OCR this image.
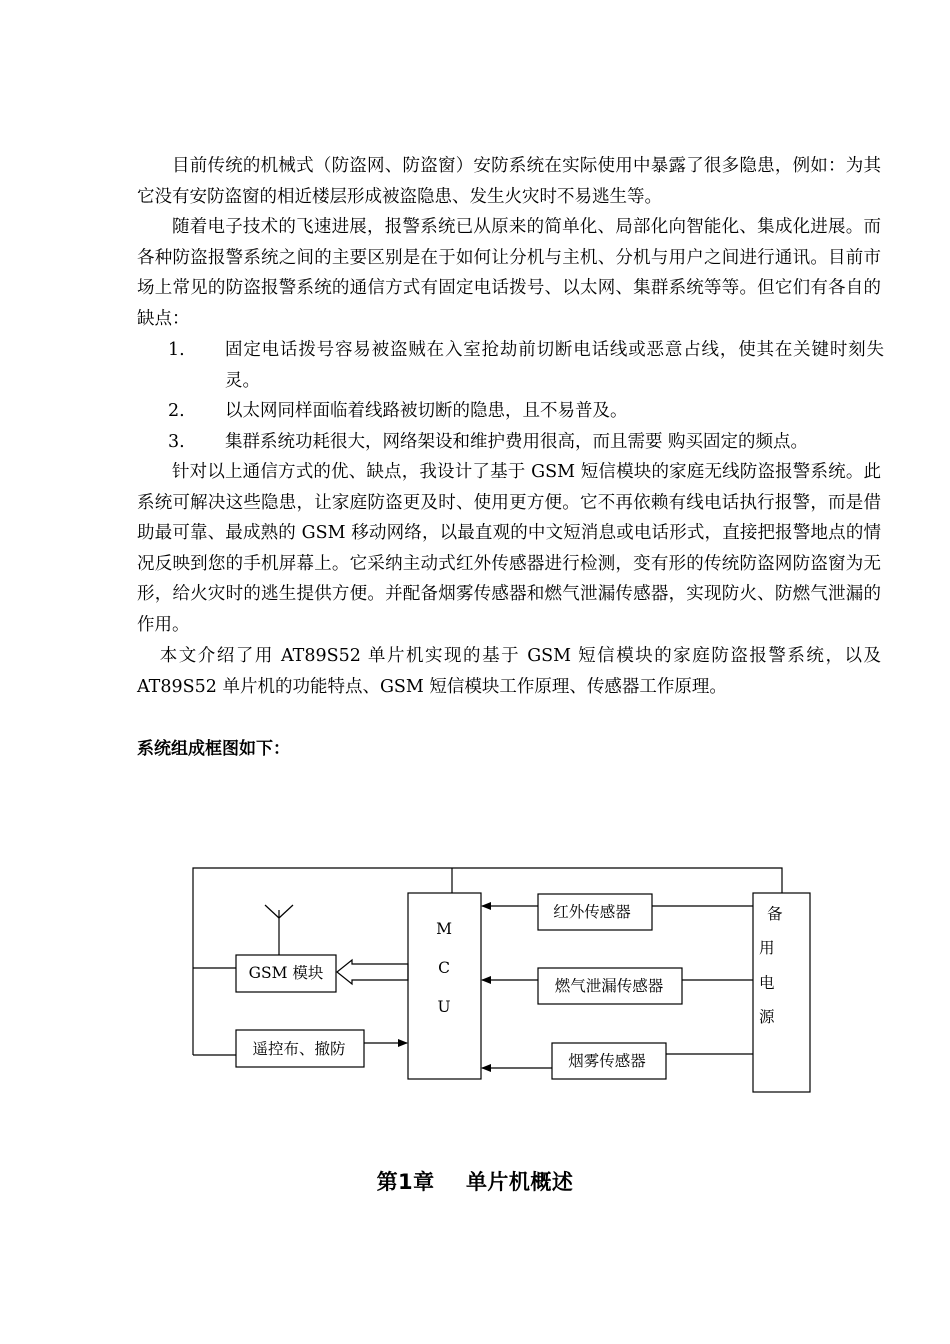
目前传统的机械式（防盗网、防盗窗）安防系统在实际使用中暴露了很多隐患，例如：为其它没有安防盗窗的相近楼层形成被盗隐患、发生火灾时不易逃生等。

随着电子技术的飞速进展，报警系统已从原来的简单化、局部化向智能化、集成化进展。而各种防盗报警系统之间的主要区别是在于如何让分机与主机、分机与用户之间进行通讯。目前市场上常见的防盗报警系统的通信方式有固定电话拨号、以太网、集群系统等等。但它们有各自的缺点：

1.	固定电话拨号容易被盗贼在入室抢劫前切断电话线或恶意占线，使其在关键时刻失灵。
2.	以太网同样面临着线路被切断的隐患，且不易普及。
3.	集群系统功耗很大，网络架设和维护费用很高，而且需要 购买固定的频点。

针对以上通信方式的优、缺点，我设计了基于 GSM 短信模块的家庭无线防盗报警系统。此系统可解决这些隐患，让家庭防盗更及时、使用更方便。它不再依赖有线电话执行报警，而是借助最可靠、最成熟的 GSM 移动网络，以最直观的中文短消息或电话形式，直接把报警地点的情况反映到您的手机屏幕上。它采纳主动式红外传感器进行检测，变有形的传统防盗网防盗窗为无形，给火灾时的逃生提供方便。并配备烟雾传感器和燃气泄漏传感器，实现防火、防燃气泄漏的作用。

本文介绍了用 AT89S52 单片机实现的基于 GSM 短信模块的家庭防盗报警系统，以及 AT89S52 单片机的功能特点、GSM 短信模块工作原理、传感器工作原理。

系统组成框图如下：
M
C
U
GSM 模块
遥控布、撤防
红外传感器
燃气泄漏传感器
烟雾传感器
备
用
电
源
第1章 单片机概述
